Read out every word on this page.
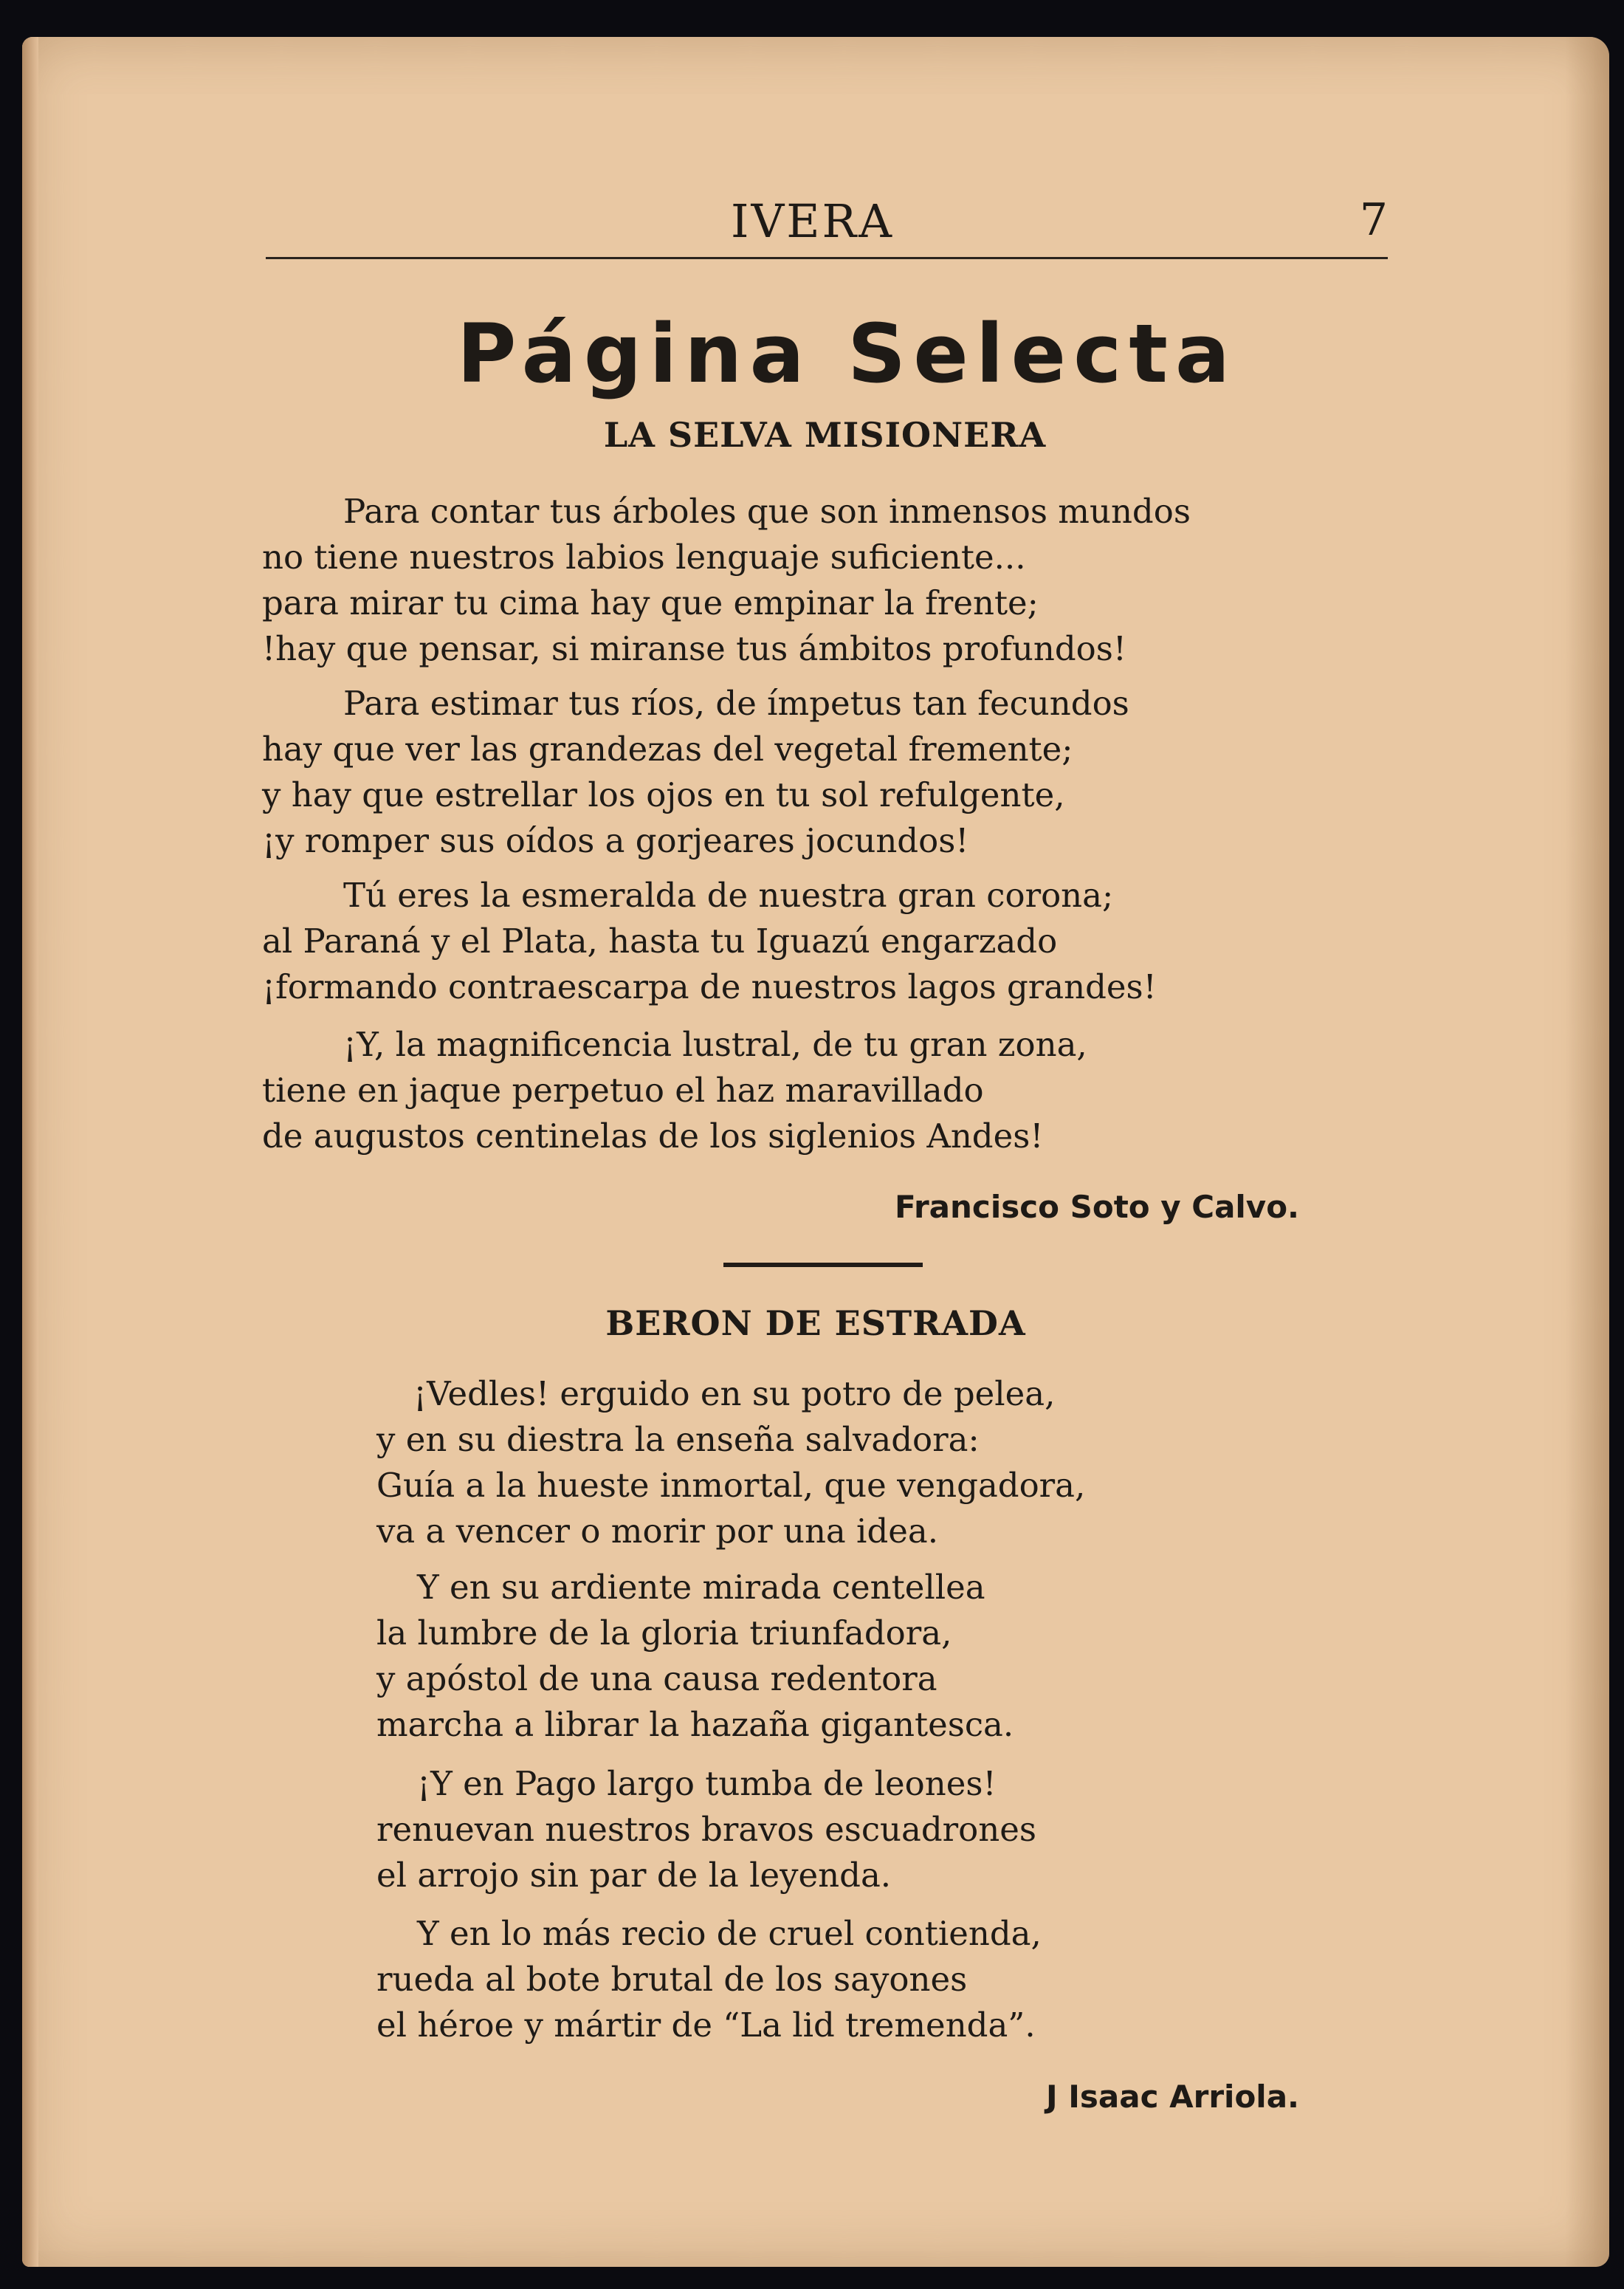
IVERA	7
Página Selecta
LA SELVA MISIONERA
Para contar tus árboles que son inmensos mundos
no tiene nuestros labios lenguaje suficiente...
para mirar tu cima hay que empinar la frente;
!hay que pensar, si miranse tus ámbitos profundos!
Para estimar tus ríos, de ímpetus tan fecundos
hay que ver las grandezas del vegetal fremente;
y hay que estrellar los ojos en tu sol refulgente,
¡y romper sus oídos a gorjeares jocundos!
Tú eres la esmeralda de nuestra gran corona;
al Paraná y el Plata, hasta tu Iguazú engarzado
¡formando contraescarpa de nuestros lagos grandes!
¡Y, la magnificencia lustral, de tu gran zona,
tiene en jaque perpetuo el haz maravillado
de augustos centinelas de los siglenios Andes!
Francisco Soto y Calvo.
BERON DE ESTRADA
¡Vedles! erguido en su potro de pelea,
y en su diestra la enseña salvadora:
Guía a la hueste inmortal, que vengadora,
va a vencer o morir por una idea.
Y en su ardiente mirada centellea
la lumbre de la gloria triunfadora,
y apóstol de una causa redentora
marcha a librar la hazaña gigantesca.
¡Y en Pago largo tumba de leones!
renuevan nuestros bravos escuadrones
el arrojo sin par de la leyenda.
Y en lo más recio de cruel contienda,
rueda al bote brutal de los sayones
el héroe y mártir de “La lid tremenda”.
J Isaac Arriola.
